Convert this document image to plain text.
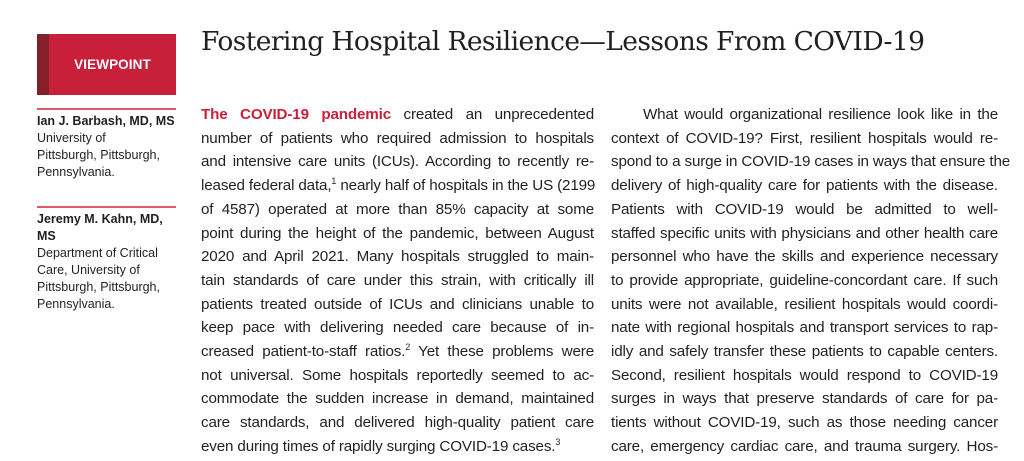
VIEWPOINT
Ian J. Barbash, MD, MS
University of
Pittsburgh, Pittsburgh,
Pennsylvania.
Jeremy M. Kahn, MD,
MS
Department of Critical
Care, University of
Pittsburgh, Pittsburgh,
Pennsylvania.
Fostering Hospital Resilience—Lessons From COVID-19
The COVID-19 pandemic created an unprecedented
number of patients who required admission to hospitals
and intensive care units (ICUs). According to recently re-
leased federal data,$^1$ nearly half of hospitals in the US (2199
of 4587) operated at more than 85% capacity at some
point during the height of the pandemic, between August
2020 and April 2021. Many hospitals struggled to main-
tain standards of care under this strain, with critically ill
patients treated outside of ICUs and clinicians unable to
keep pace with delivering needed care because of in-
creased patient-to-staff ratios.$^2$ Yet these problems were
not universal. Some hospitals reportedly seemed to ac-
commodate the sudden increase in demand, maintained
care standards, and delivered high-quality patient care
even during times of rapidly surging COVID-19 cases.$^3$
What would organizational resilience look like in the
context of COVID-19? First, resilient hospitals would re-
spond to a surge in COVID-19 cases in ways that ensure the
delivery of high-quality care for patients with the disease.
Patients with COVID-19 would be admitted to well-
staffed specific units with physicians and other health care
personnel who have the skills and experience necessary
to provide appropriate, guideline-concordant care. If such
units were not available, resilient hospitals would coordi-
nate with regional hospitals and transport services to rap-
idly and safely transfer these patients to capable centers.
Second, resilient hospitals would respond to COVID-19
surges in ways that preserve standards of care for pa-
tients without COVID-19, such as those needing cancer
care, emergency cardiac care, and trauma surgery. Hos-
